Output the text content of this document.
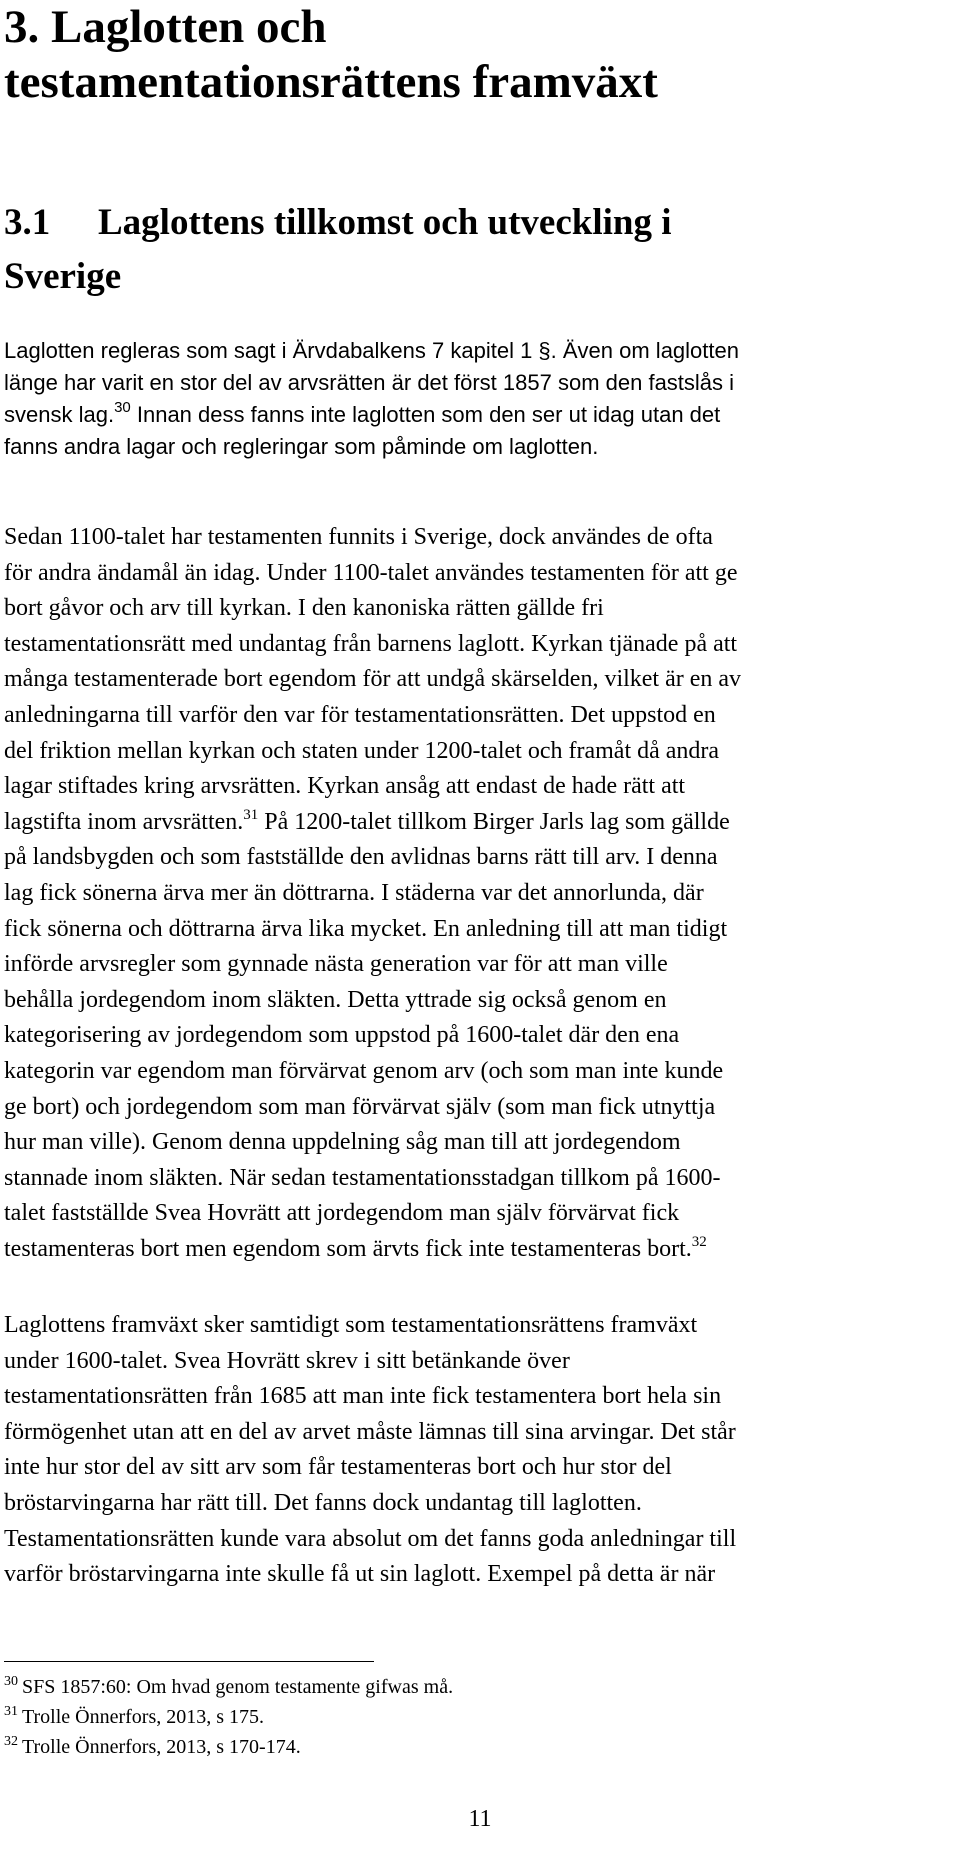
3. Laglotten och
testamentationsrättens framväxt
3.1 Laglottens tillkomst och utveckling i
Sverige

Laglotten regleras som sagt i Ärvdabalkens 7 kapitel 1 §. Även om laglotten
länge har varit en stor del av arvsrätten är det först 1857 som den fastslås i
svensk lag.$^{30}$ Innan dess fanns inte laglotten som den ser ut idag utan det
fanns andra lagar och regleringar som påminde om laglotten.

Sedan 1100-talet har testamenten funnits i Sverige, dock användes de ofta
för andra ändamål än idag. Under 1100-talet användes testamenten för att ge
bort gåvor och arv till kyrkan. I den kanoniska rätten gällde fri
testamentationsrätt med undantag från barnens laglott. Kyrkan tjänade på att
många testamenterade bort egendom för att undgå skärselden, vilket är en av
anledningarna till varför den var för testamentationsrätten. Det uppstod en
del friktion mellan kyrkan och staten under 1200-talet och framåt då andra
lagar stiftades kring arvsrätten. Kyrkan ansåg att endast de hade rätt att
lagstifta inom arvsrätten.$^{31}$ På 1200-talet tillkom Birger Jarls lag som gällde
på landsbygden och som fastställde den avlidnas barns rätt till arv. I denna
lag fick sönerna ärva mer än döttrarna. I städerna var det annorlunda, där
fick sönerna och döttrarna ärva lika mycket. En anledning till att man tidigt
införde arvsregler som gynnade nästa generation var för att man ville
behålla jordegendom inom släkten. Detta yttrade sig också genom en
kategorisering av jordegendom som uppstod på 1600-talet där den ena
kategorin var egendom man förvärvat genom arv (och som man inte kunde
ge bort) och jordegendom som man förvärvat själv (som man fick utnyttja
hur man ville). Genom denna uppdelning såg man till att jordegendom
stannade inom släkten. När sedan testamentationsstadgan tillkom på 1600-
talet fastställde Svea Hovrätt att jordegendom man själv förvärvat fick
testamenteras bort men egendom som ärvts fick inte testamenteras bort.$^{32}$

Laglottens framväxt sker samtidigt som testamentationsrättens framväxt
under 1600-talet. Svea Hovrätt skrev i sitt betänkande över
testamentationsrätten från 1685 att man inte fick testamentera bort hela sin
förmögenhet utan att en del av arvet måste lämnas till sina arvingar. Det står
inte hur stor del av sitt arv som får testamenteras bort och hur stor del
bröstarvingarna har rätt till. Det fanns dock undantag till laglotten.
Testamentationsrätten kunde vara absolut om det fanns goda anledningar till
varför bröstarvingarna inte skulle få ut sin laglott. Exempel på detta är när

$^{30}$ SFS 1857:60: Om hvad genom testamente gifwas må.
$^{31}$ Trolle Önnerfors, 2013, s 175.
$^{32}$ Trolle Önnerfors, 2013, s 170-174.
11
